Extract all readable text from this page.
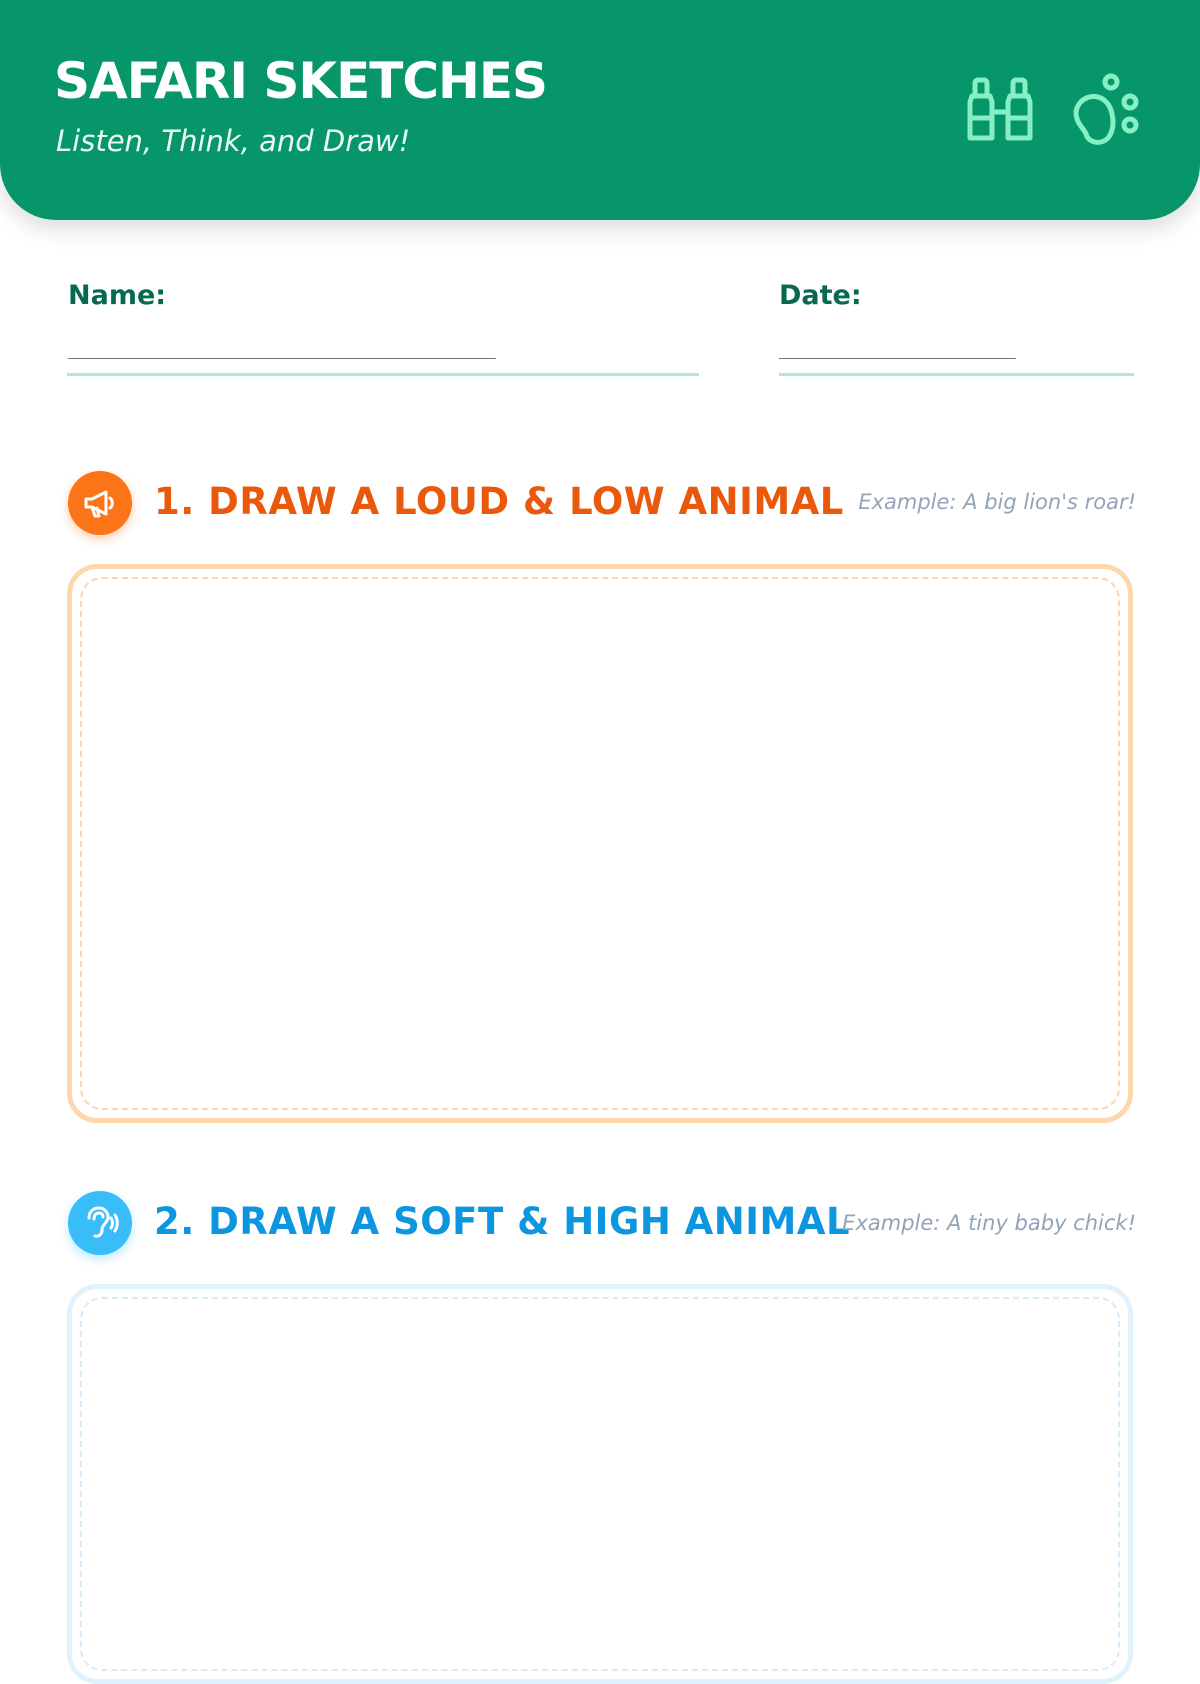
SAFARI SKETCHES

Listen, Think, and Draw!

Name:
______________________________________
Date:
_____________________
1. DRAW A LOUD & LOW ANIMAL Example: A big lion's roar!
2. DRAW A SOFT & HIGH ANIMAL
Example: A tiny baby chick!
